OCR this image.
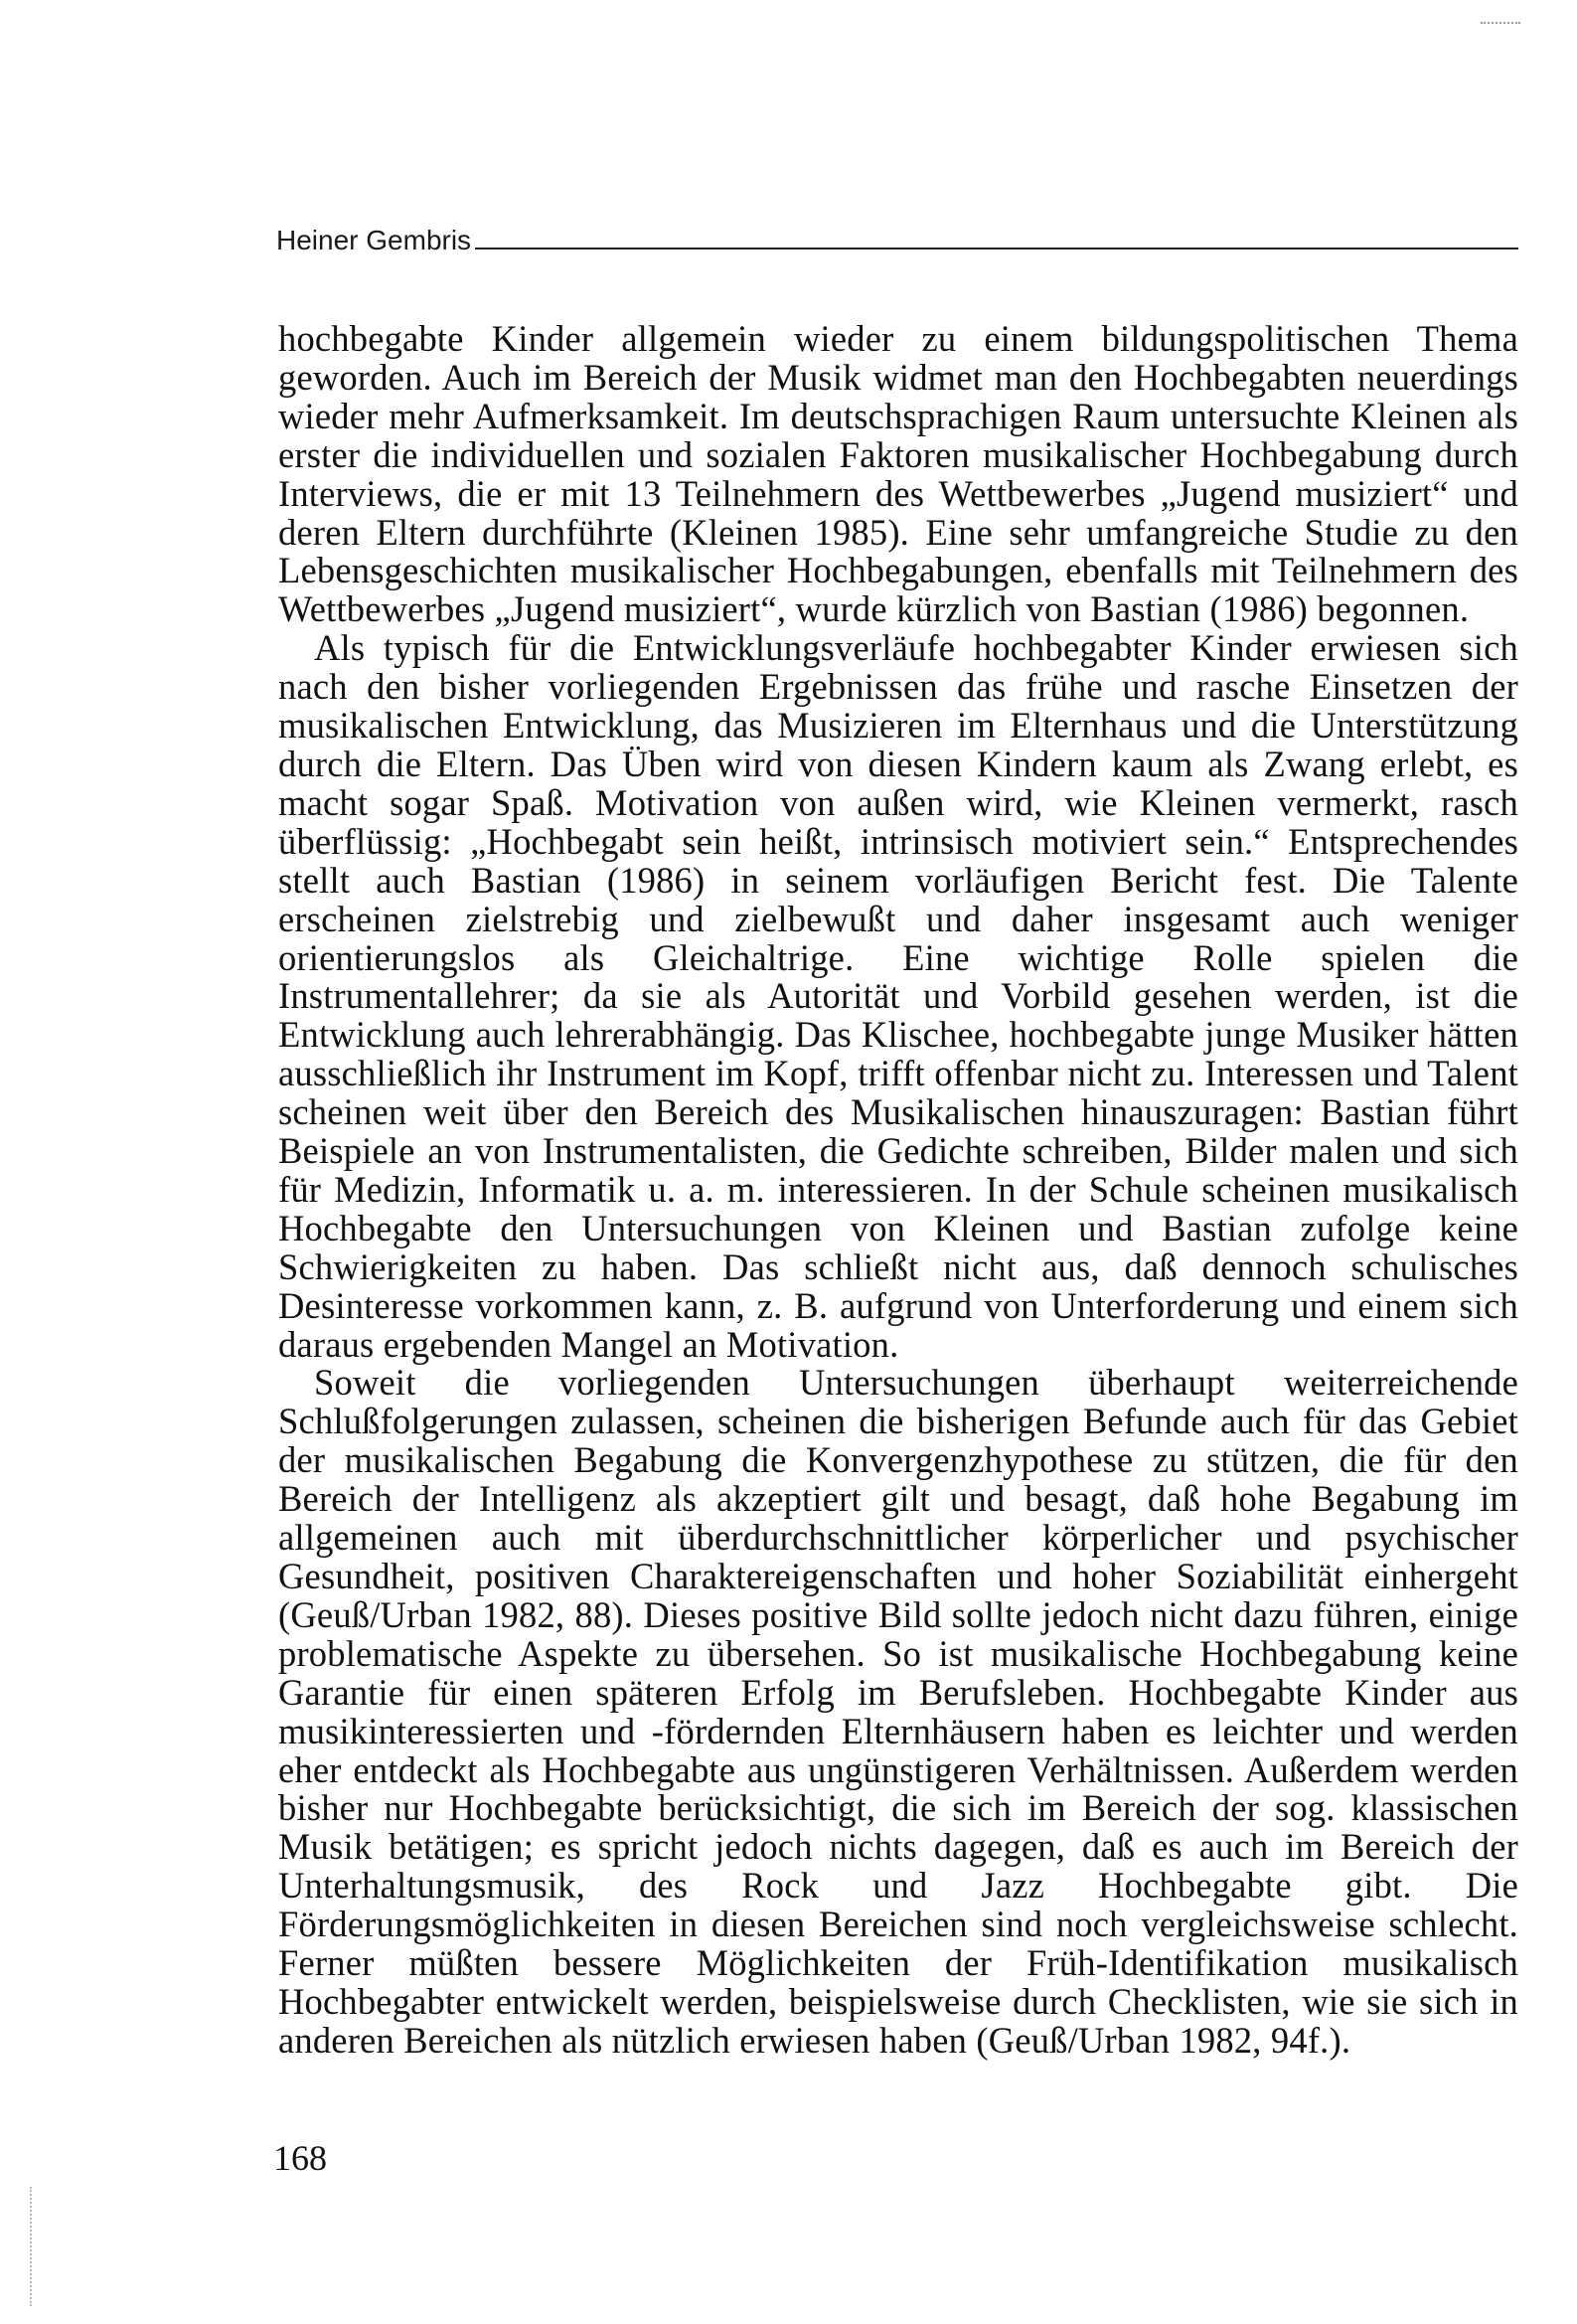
Heiner Gembris

hochbegabte Kinder allgemein wieder zu einem bildungspolitischen Thema geworden. Auch im Bereich der Musik widmet man den Hochbegabten neuerdings wieder mehr Aufmerksamkeit. Im deutschsprachigen Raum untersuchte Kleinen als erster die individuellen und sozialen Faktoren musikalischer Hochbegabung durch Interviews, die er mit 13 Teilnehmern des Wettbewerbes „Jugend musiziert“ und deren Eltern durchführte (Kleinen 1985). Eine sehr umfangreiche Studie zu den Lebensgeschichten musikalischer Hochbegabungen, ebenfalls mit Teilnehmern des Wettbewerbes „Jugend musiziert“, wurde kürzlich von Bastian (1986) begonnen.

Als typisch für die Entwicklungsverläufe hochbegabter Kinder erwiesen sich nach den bisher vorliegenden Ergebnissen das frühe und rasche Einsetzen der musikalischen Entwicklung, das Musizieren im Elternhaus und die Unterstützung durch die Eltern. Das Üben wird von diesen Kindern kaum als Zwang erlebt, es macht sogar Spaß. Motivation von außen wird, wie Kleinen vermerkt, rasch überflüssig: „Hochbegabt sein heißt, intrinsisch motiviert sein.“ Entsprechendes stellt auch Bastian (1986) in seinem vorläufigen Bericht fest. Die Talente erscheinen zielstrebig und zielbewußt und daher insgesamt auch weniger orientierungslos als Gleichaltrige. Eine wichtige Rolle spielen die Instrumentallehrer; da sie als Autorität und Vorbild gesehen werden, ist die Entwicklung auch lehrerabhängig. Das Klischee, hochbegabte junge Musiker hätten ausschließlich ihr Instrument im Kopf, trifft offenbar nicht zu. Interessen und Talent scheinen weit über den Bereich des Musikalischen hinauszuragen: Bastian führt Beispiele an von Instrumentalisten, die Gedichte schreiben, Bilder malen und sich für Medizin, Informatik u. a. m. interessieren. In der Schule scheinen musikalisch Hochbegabte den Untersuchungen von Kleinen und Bastian zufolge keine Schwierigkeiten zu haben. Das schließt nicht aus, daß dennoch schulisches Desinteresse vorkommen kann, z. B. aufgrund von Unterforderung und einem sich daraus ergebenden Mangel an Motivation.

Soweit die vorliegenden Untersuchungen überhaupt weiterreichende Schlußfolgerungen zulassen, scheinen die bisherigen Befunde auch für das Gebiet der musikalischen Begabung die Konvergenzhypothese zu stützen, die für den Bereich der Intelligenz als akzeptiert gilt und besagt, daß hohe Begabung im allgemeinen auch mit überdurchschnittlicher körperlicher und psychischer Gesundheit, positiven Charaktereigenschaften und hoher Soziabilität einhergeht (Geuß/Urban 1982, 88). Dieses positive Bild sollte jedoch nicht dazu führen, einige problematische Aspekte zu übersehen. So ist musikalische Hochbegabung keine Garantie für einen späteren Erfolg im Berufsleben. Hochbegabte Kinder aus musikinteressierten und -fördernden Elternhäusern haben es leichter und werden eher entdeckt als Hochbegabte aus ungünstigeren Verhältnissen. Außerdem werden bisher nur Hochbegabte berücksichtigt, die sich im Bereich der sog. klassischen Musik betätigen; es spricht jedoch nichts dagegen, daß es auch im Bereich der Unterhaltungsmusik, des Rock und Jazz Hochbegabte gibt. Die Förderungsmöglichkeiten in diesen Bereichen sind noch vergleichsweise schlecht. Ferner müßten bessere Möglichkeiten der Früh-Identifikation musikalisch Hochbegabter entwickelt werden, beispielsweise durch Checklisten, wie sie sich in anderen Bereichen als nützlich erwiesen haben (Geuß/Urban 1982, 94f.).

168
